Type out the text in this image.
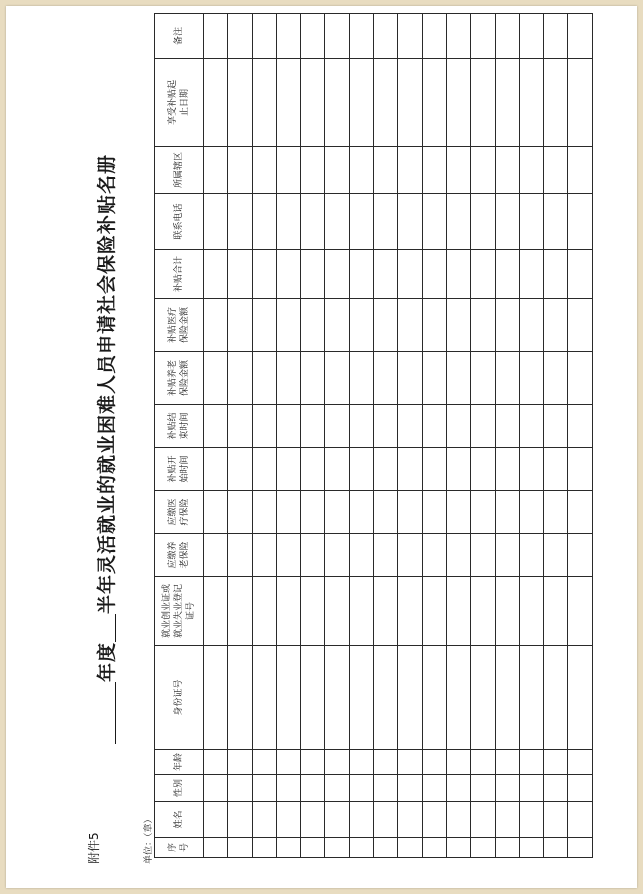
附件5
年度半年灵活就业的就业困难人员申请社会保险补贴名册
单位：（章） 序号	姓名	性别	年龄	身份证号	就业创业证或就业失业登记证号	应缴养老保险	应缴医疗保险	补贴开始时间	补贴结束时间	补贴养老保险金额	补贴医疗保险金额	补贴合计	联系电话	所属辖区	享受补贴起止日期	备注
